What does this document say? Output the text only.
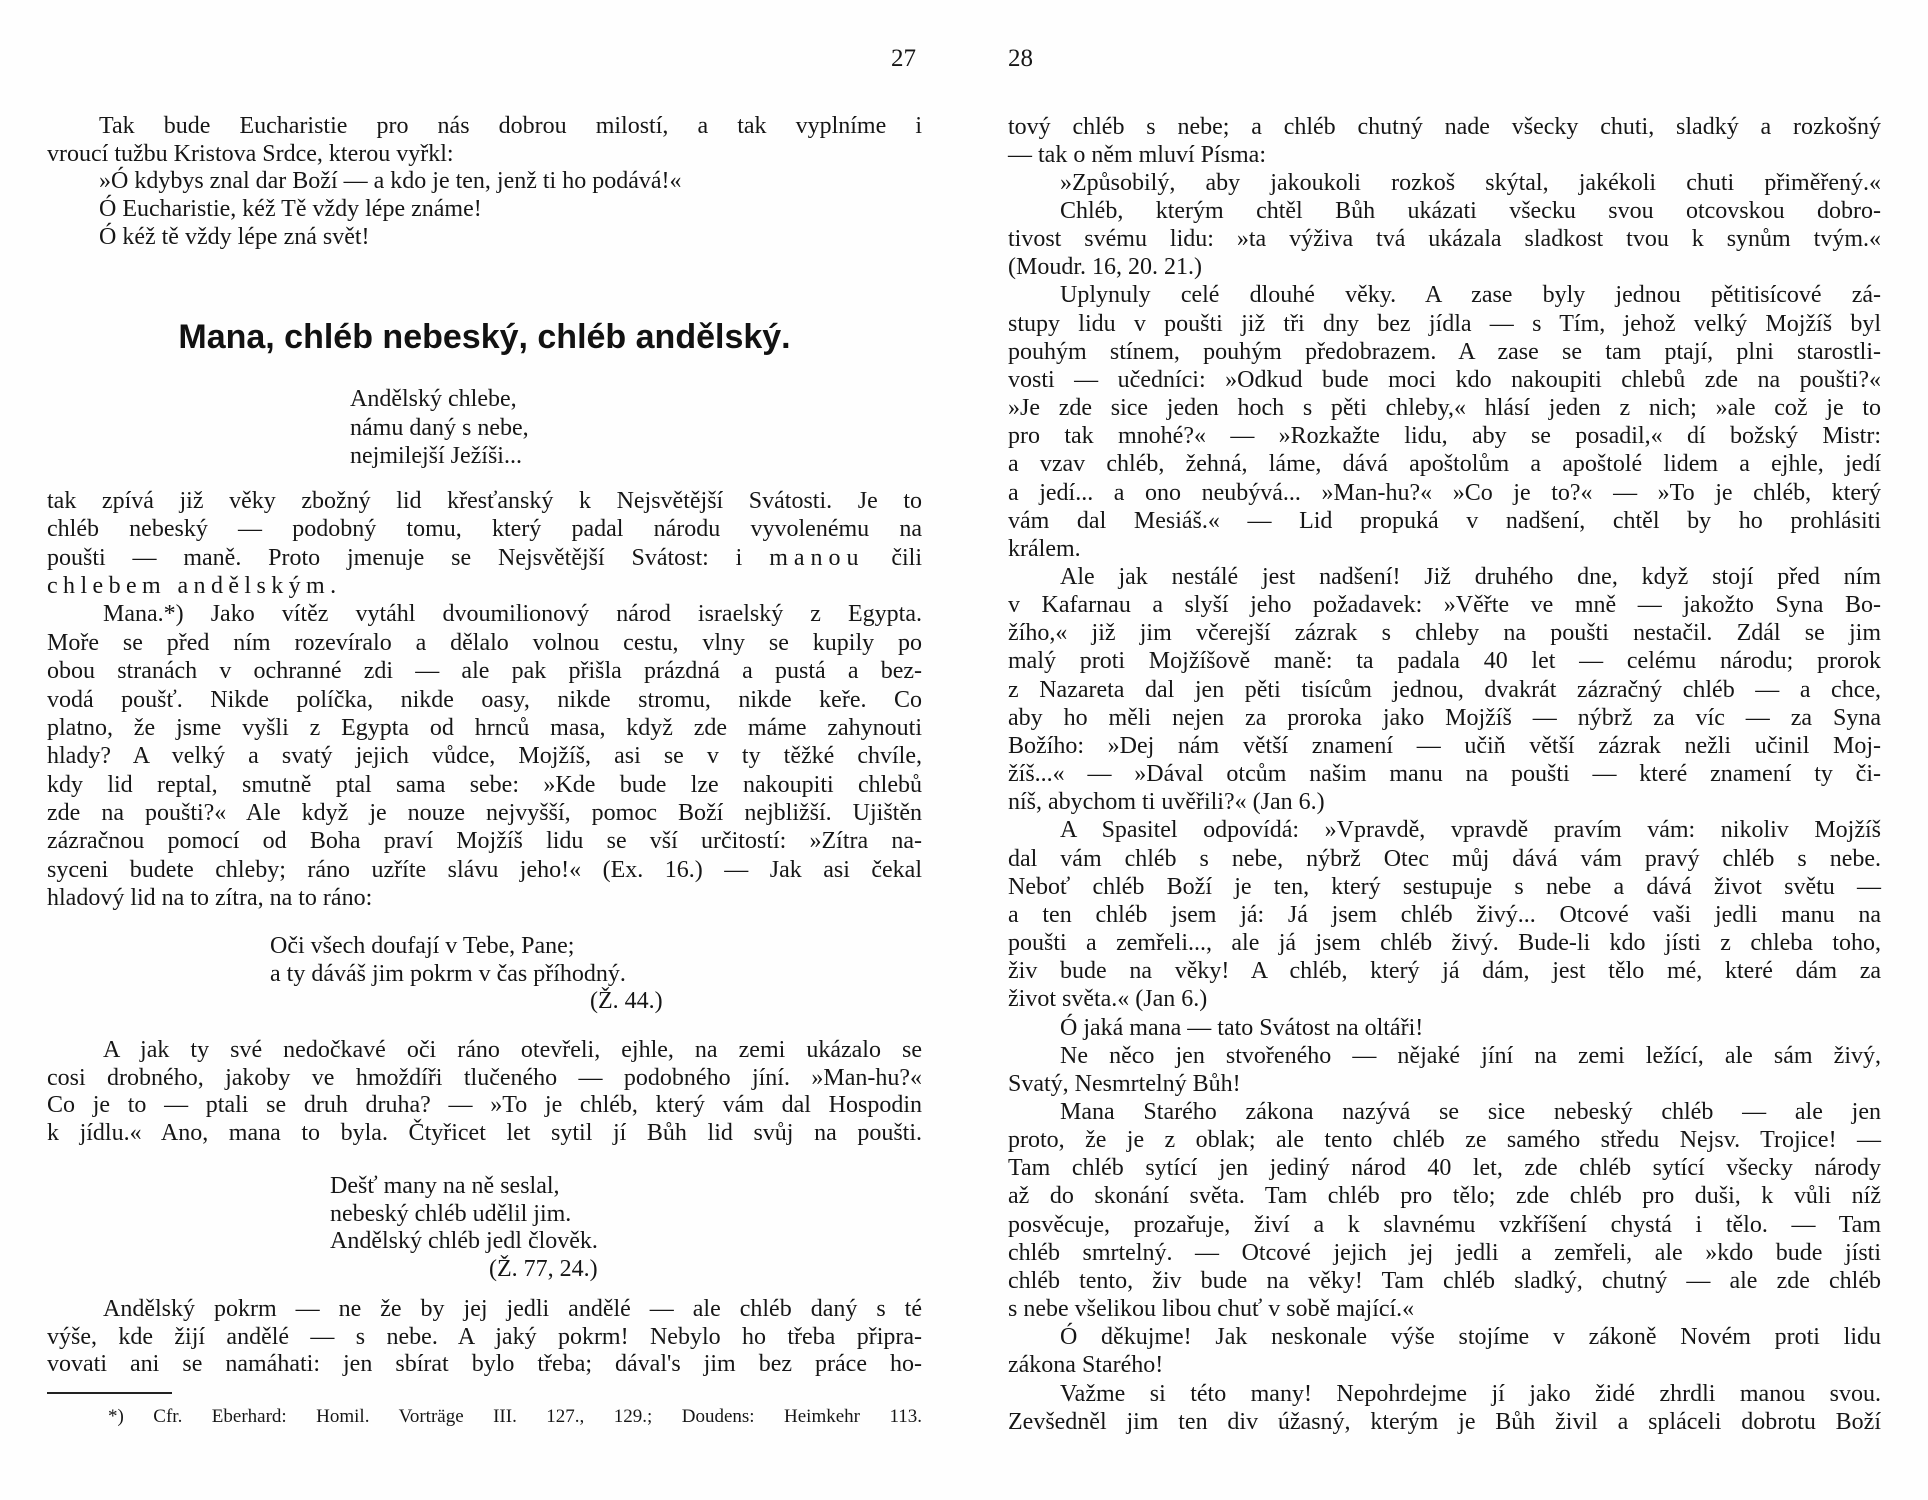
27	28
Tak bude Eucharistie pro nás dobrou milostí, a tak vyplníme i
vroucí tužbu Kristova Srdce, kterou vyřkl:
»Ó kdybys znal dar Boží — a kdo je ten, jenž ti ho podává!«
Ó Eucharistie, kéž Tě vždy lépe známe!
Ó kéž tě vždy lépe zná svět!
Mana, chléb nebeský, chléb andělský.
Andělský chlebe,
námu daný s nebe,
nejmilejší Ježíši...
tak zpívá již věky zbožný lid křesťanský k Nejsvětější Svátosti. Je to
chléb nebeský — podobný tomu, který padal národu vyvolenému na
poušti — maně. Proto jmenuje se Nejsvětější Svátost: i manou čili
chlebem andělským.
Mana.*) Jako vítěz vytáhl dvoumilionový národ israelský z Egypta.
Moře se před ním rozevíralo a dělalo volnou cestu, vlny se kupily po
obou stranách v ochranné zdi — ale pak přišla prázdná a pustá a bez-
vodá poušť. Nikde políčka, nikde oasy, nikde stromu, nikde keře. Co
platno, že jsme vyšli z Egypta od hrnců masa, když zde máme zahynouti
hlady? A velký a svatý jejich vůdce, Mojžíš, asi se v ty těžké chvíle,
kdy lid reptal, smutně ptal sama sebe: »Kde bude lze nakoupiti chlebů
zde na poušti?« Ale když je nouze nejvyšší, pomoc Boží nejbližší. Ujištěn
zázračnou pomocí od Boha praví Mojžíš lidu se vší určitostí: »Zítra na-
syceni budete chleby; ráno uzříte slávu jeho!« (Ex. 16.) — Jak asi čekal
hladový lid na to zítra, na to ráno:
Oči všech doufají v Tebe, Pane;
a ty dáváš jim pokrm v čas příhodný.
(Ž. 44.)
A jak ty své nedočkavé oči ráno otevřeli, ejhle, na zemi ukázalo se
cosi drobného, jakoby ve hmoždíři tlučeného — podobného jíní. »Man-hu?«
Co je to — ptali se druh druha? — »To je chléb, který vám dal Hospodin
k jídlu.« Ano, mana to byla. Čtyřicet let sytil jí Bůh lid svůj na poušti.
Dešť many na ně seslal,
nebeský chléb udělil jim.
Andělský chléb jedl člověk.
(Ž. 77, 24.)
Andělský pokrm — ne že by jej jedli andělé — ale chléb daný s té
výše, kde žijí andělé — s nebe. A jaký pokrm! Nebylo ho třeba připra-
vovati ani se namáhati: jen sbírat bylo třeba; dával's jim bez práce ho-
*) Cfr. Eberhard: Homil. Vorträge III. 127., 129.; Doudens: Heimkehr 113.
tový chléb s nebe; a chléb chutný nade všecky chuti, sladký a rozkošný
— tak o něm mluví Písma:
»Způsobilý, aby jakoukoli rozkoš skýtal, jakékoli chuti přiměřený.«
Chléb, kterým chtěl Bůh ukázati všecku svou otcovskou dobro-
tivost svému lidu: »ta výživa tvá ukázala sladkost tvou k synům tvým.«
(Moudr. 16, 20. 21.)
Uplynuly celé dlouhé věky. A zase byly jednou pětitisícové zá-
stupy lidu v poušti již tři dny bez jídla — s Tím, jehož velký Mojžíš byl
pouhým stínem, pouhým předobrazem. A zase se tam ptají, plni starostli-
vosti — učedníci: »Odkud bude moci kdo nakoupiti chlebů zde na poušti?«
»Je zde sice jeden hoch s pěti chleby,« hlásí jeden z nich; »ale což je to
pro tak mnohé?« — »Rozkažte lidu, aby se posadil,« dí božský Mistr:
a vzav chléb, žehná, láme, dává apoštolům a apoštolé lidem a ejhle, jedí
a jedí... a ono neubývá... »Man-hu?« »Co je to?« — »To je chléb, který
vám dal Mesiáš.« — Lid propuká v nadšení, chtěl by ho prohlásiti
králem.
Ale jak nestálé jest nadšení! Již druhého dne, když stojí před ním
v Kafarnau a slyší jeho požadavek: »Věřte ve mně — jakožto Syna Bo-
žího,« již jim včerejší zázrak s chleby na poušti nestačil. Zdál se jim
malý proti Mojžíšově maně: ta padala 40 let — celému národu; prorok
z Nazareta dal jen pěti tisícům jednou, dvakrát zázračný chléb — a chce,
aby ho měli nejen za proroka jako Mojžíš — nýbrž za víc — za Syna
Božího: »Dej nám větší znamení — učiň větší zázrak nežli učinil Moj-
žíš...« — »Dával otcům našim manu na poušti — které znamení ty či-
níš, abychom ti uvěřili?« (Jan 6.)
A Spasitel odpovídá: »Vpravdě, vpravdě pravím vám: nikoliv Mojžíš
dal vám chléb s nebe, nýbrž Otec můj dává vám pravý chléb s nebe.
Neboť chléb Boží je ten, který sestupuje s nebe a dává život světu —
a ten chléb jsem já: Já jsem chléb živý... Otcové vaši jedli manu na
poušti a zemřeli..., ale já jsem chléb živý. Bude-li kdo jísti z chleba toho,
živ bude na věky! A chléb, který já dám, jest tělo mé, které dám za
život světa.« (Jan 6.)
Ó jaká mana — tato Svátost na oltáři!
Ne něco jen stvořeného — nějaké jíní na zemi ležící, ale sám živý,
Svatý, Nesmrtelný Bůh!
Mana Starého zákona nazývá se sice nebeský chléb — ale jen
proto, že je z oblak; ale tento chléb ze samého středu Nejsv. Trojice! —
Tam chléb sytící jen jediný národ 40 let, zde chléb sytící všecky národy
až do skonání světa. Tam chléb pro tělo; zde chléb pro duši, k vůli níž
posvěcuje, prozařuje, živí a k slavnému vzkříšení chystá i tělo. — Tam
chléb smrtelný. — Otcové jejich jej jedli a zemřeli, ale »kdo bude jísti
chléb tento, živ bude na věky! Tam chléb sladký, chutný — ale zde chléb
s nebe všelikou libou chuť v sobě mající.«
Ó děkujme! Jak neskonale výše stojíme v zákoně Novém proti lidu
zákona Starého!
Važme si této many! Nepohrdejme jí jako židé zhrdli manou svou.
Zevšedněl jim ten div úžasný, kterým je Bůh živil a spláceli dobrotu Boží
